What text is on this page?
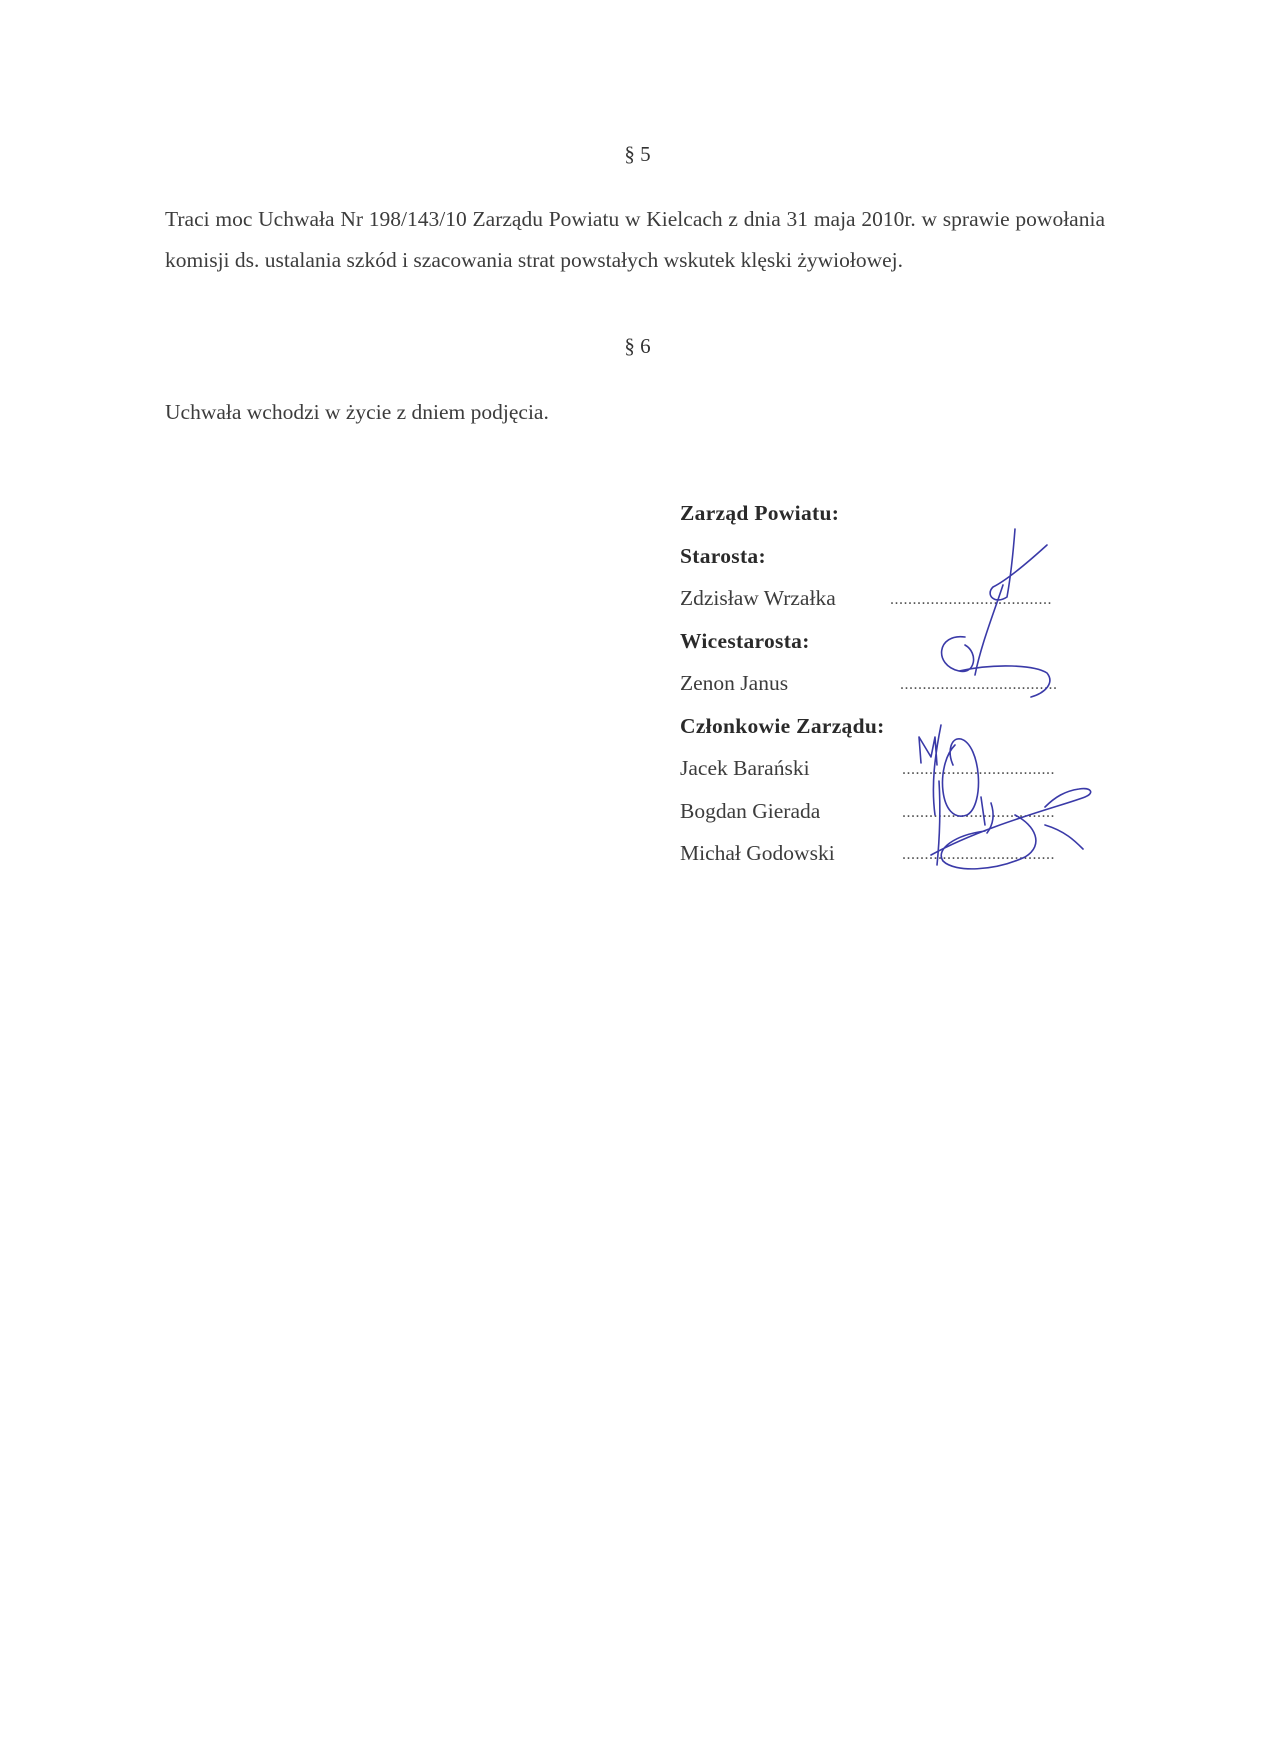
§ 5
Traci moc Uchwała Nr 198/143/10 Zarządu Powiatu w Kielcach z dnia 31 maja 2010r. w sprawie powołania komisji ds. ustalania szkód i szacowania strat powstałych wskutek klęski żywiołowej.
§ 6
Uchwała wchodzi w życie z dniem podjęcia.
Zarząd Powiatu:
Starosta:
Zdzisław Wrzałka	....................................
Wicestarosta:
Zenon Janus	...................................
Członkowie Zarządu:
Jacek Barański	..................................
Bogdan Gierada	..................................
Michał Godowski	..................................
